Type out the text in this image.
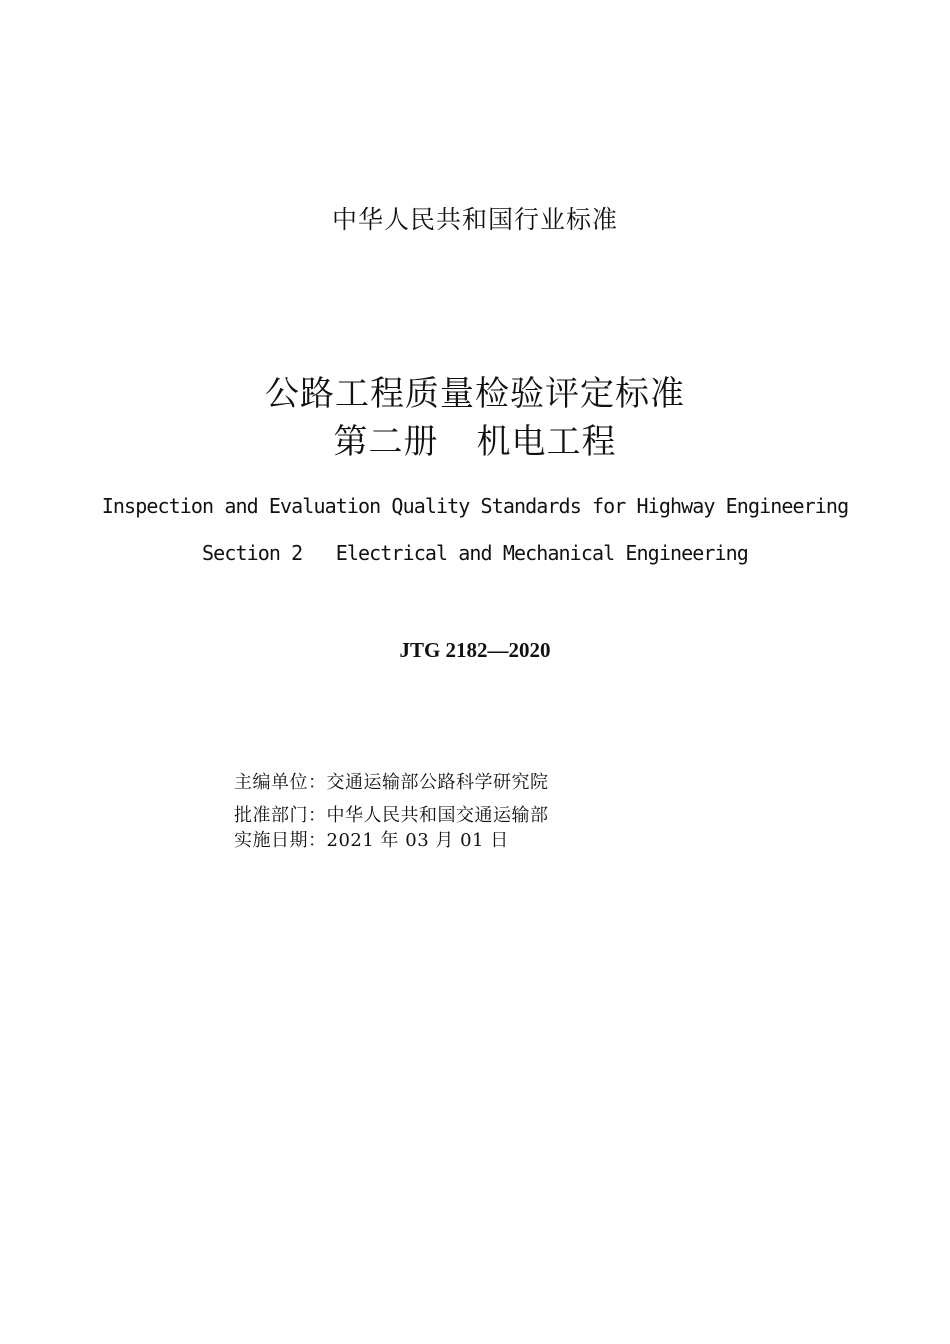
中华人民共和国行业标准
公路工程质量检验评定标准
第二册 机电工程
Inspection and Evaluation Quality Standards for Highway Engineering
Section 2   Electrical and Mechanical Engineering
JTG 2182—2020
主编单位：交通运输部公路科学研究院
批准部门：中华人民共和国交通运输部
实施日期：2021 年 03 月 01 日
